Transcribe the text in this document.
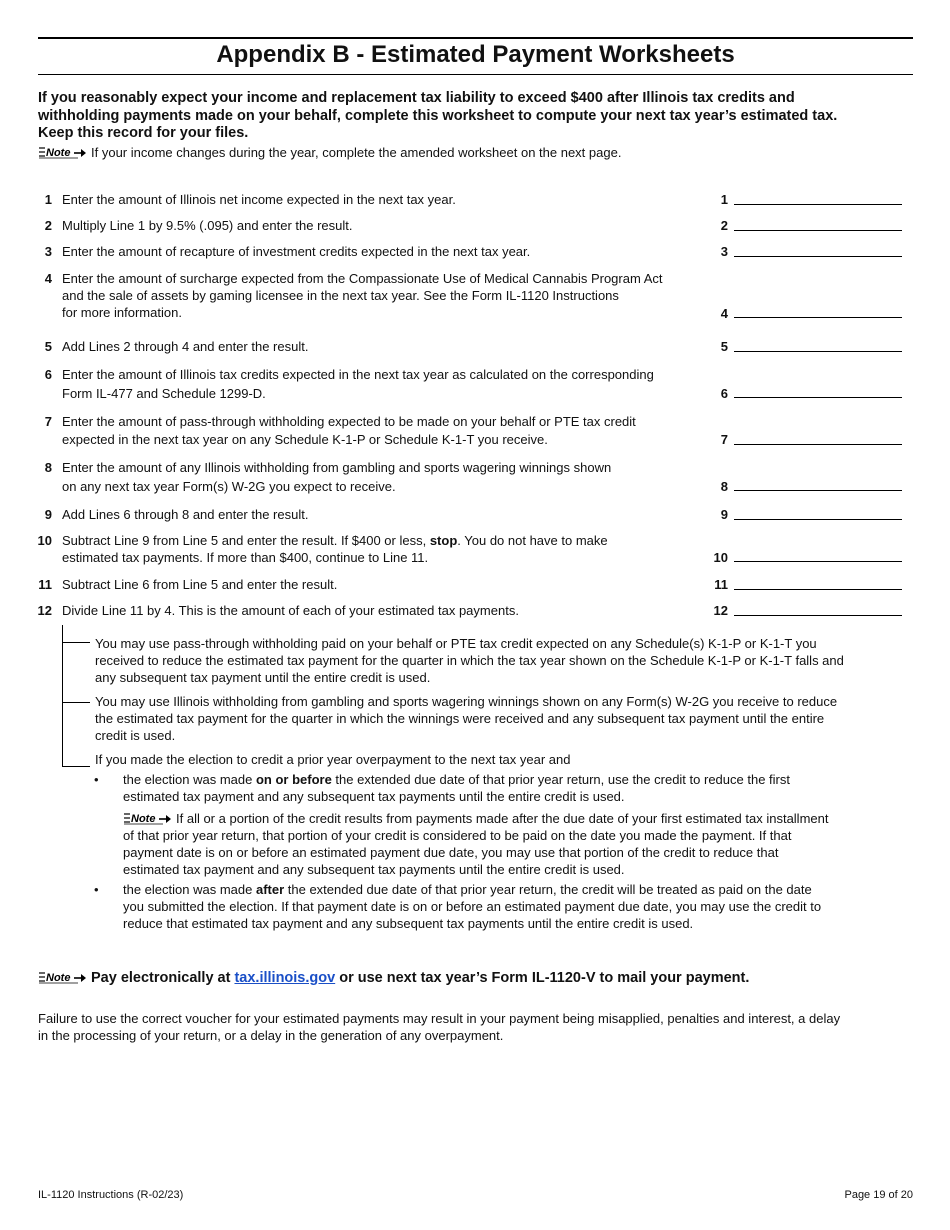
Appendix B - Estimated Payment Worksheets

If you reasonably expect your income and replacement tax liability to exceed $400 after Illinois tax credits and

withholding payments made on your behalf, complete this worksheet to compute your next tax year’s estimated tax.

Keep this record for your files.

Note If your income changes during the year, complete the amended worksheet on the next page.
1 Enter the amount of Illinois net income expected in the next tax year.	1
2 Multiply Line 1 by 9.5% (.095) and enter the result.	2
3 Enter the amount of recapture of investment credits expected in the next tax year.	3
4 Enter the amount of surcharge expected from the Compassionate Use of Medical Cannabis Program Act
and the sale of assets by gaming licensee in the next tax year. See the Form IL-1120 Instructions
for more information.	4
5 Add Lines 2 through 4 and enter the result.	5
6 Enter the amount of Illinois tax credits expected in the next tax year as calculated on the corresponding
Form IL-477 and Schedule 1299-D.	6
7 Enter the amount of pass-through withholding expected to be made on your behalf or PTE tax credit
expected in the next tax year on any Schedule K-1-P or Schedule K-1-T you receive.	7
8 Enter the amount of any Illinois withholding from gambling and sports wagering winnings shown
on any next tax year Form(s) W-2G you expect to receive.	8
9 Add Lines 6 through 8 and enter the result.	9
10 Subtract Line 9 from Line 5 and enter the result. If $400 or less, stop. You do not have to make
estimated tax payments. If more than $400, continue to Line 11.	10
11 Subtract Line 6 from Line 5 and enter the result.	11
12 Divide Line 11 by 4. This is the amount of each of your estimated tax payments.	12
You may use pass-through withholding paid on your behalf or PTE tax credit expected on any Schedule(s) K-1-P or K-1-T you
received to reduce the estimated tax payment for the quarter in which the tax year shown on the Schedule K-1-P or K-1-T falls and
any subsequent tax payment until the entire credit is used.
You may use Illinois withholding from gambling and sports wagering winnings shown on any Form(s) W-2G you receive to reduce
the estimated tax payment for the quarter in which the winnings were received and any subsequent tax payment until the entire
credit is used.
If you made the election to credit a prior year overpayment to the next tax year and
•	the election was made on or before the extended due date of that prior year return, use the credit to reduce the first
estimated tax payment and any subsequent tax payments until the entire credit is used.
Note If all or a portion of the credit results from payments made after the due date of your first estimated tax installment
of that prior year return, that portion of your credit is considered to be paid on the date you made the payment. If that
payment date is on or before an estimated payment due date, you may use that portion of the credit to reduce that
estimated tax payment and any subsequent tax payments until the entire credit is used.
•	the election was made after the extended due date of that prior year return, the credit will be treated as paid on the date
you submitted the election. If that payment date is on or before an estimated payment due date, you may use the credit to
reduce that estimated tax payment and any subsequent tax payments until the entire credit is used.
Note Pay electronically at tax.illinois.gov or use next tax year’s Form IL-1120-V to mail your payment.
Failure to use the correct voucher for your estimated payments may result in your payment being misapplied, penalties and interest, a delay
in the processing of your return, or a delay in the generation of any overpayment.
IL-1120 Instructions (R-02/23)	Page 19 of 20
